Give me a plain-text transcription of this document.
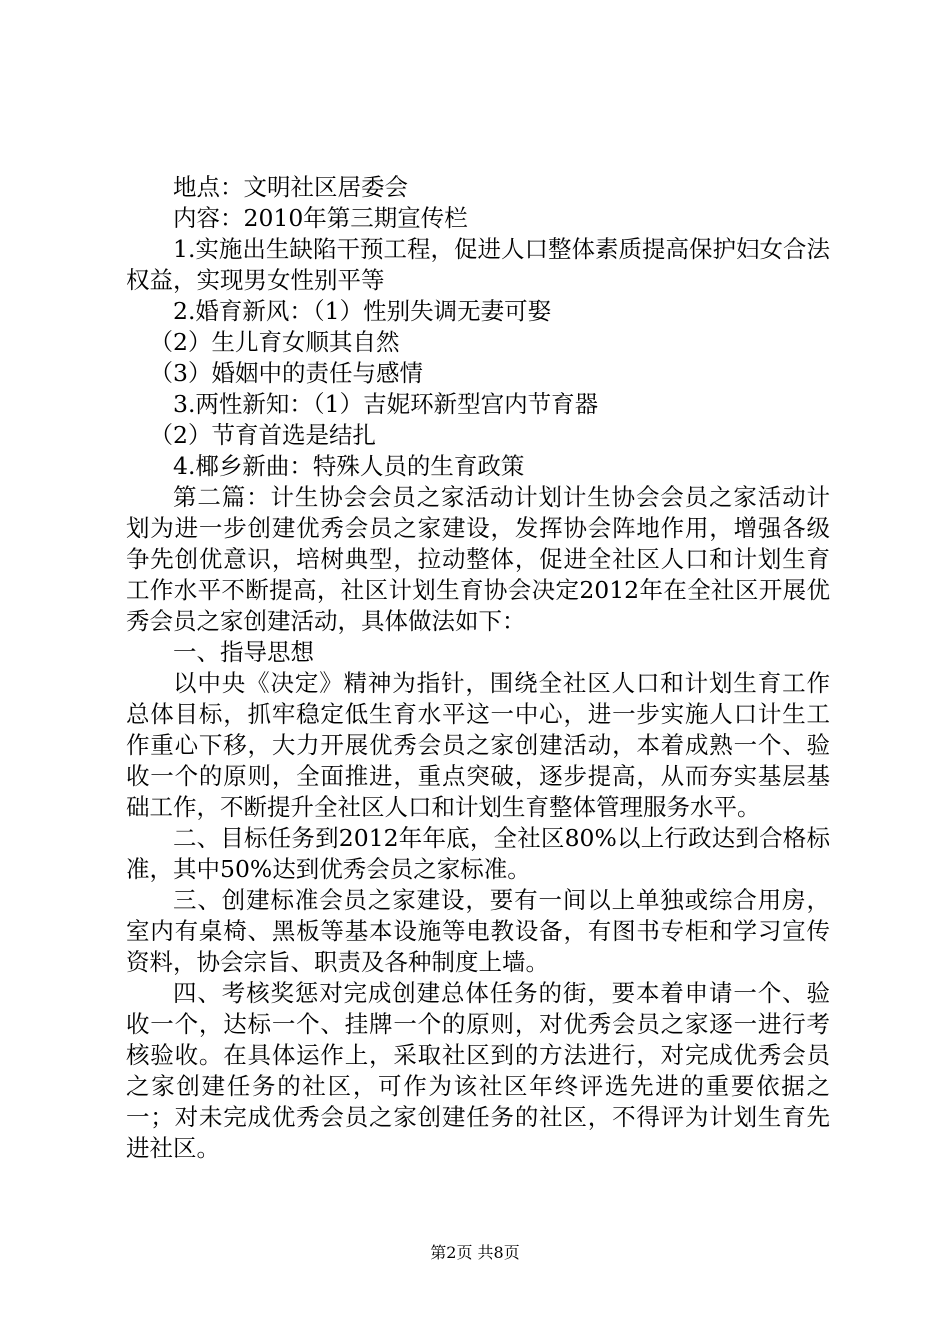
地点：文明社区居委会

内容：2010年第三期宣传栏

1.实施出生缺陷干预工程，促进人口整体素质提高保护妇女合法权益，实现男女性别平等

2.婚育新风：（1）性别失调无妻可娶

（2）生儿育女顺其自然

（3）婚姻中的责任与感情

3.两性新知：（1）吉妮环新型宫内节育器

（2）节育首选是结扎

4.椰乡新曲：特殊人员的生育政策

第二篇：计生协会会员之家活动计划计生协会会员之家活动计划为进一步创建优秀会员之家建设，发挥协会阵地作用，增强各级争先创优意识，培树典型，拉动整体，促进全社区人口和计划生育工作水平不断提高，社区计划生育协会决定2012年在全社区开展优秀会员之家创建活动，具体做法如下：

一、指导思想

以中央《决定》精神为指针，围绕全社区人口和计划生育工作总体目标，抓牢稳定低生育水平这一中心，进一步实施人口计生工作重心下移，大力开展优秀会员之家创建活动，本着成熟一个、验收一个的原则，全面推进，重点突破，逐步提高，从而夯实基层基础工作，不断提升全社区人口和计划生育整体管理服务水平。

二、目标任务到2012年年底，全社区80%以上行政达到合格标准，其中50%达到优秀会员之家标准。

三、创建标准会员之家建设，要有一间以上单独或综合用房，室内有桌椅、黑板等基本设施等电教设备，有图书专柜和学习宣传资料，协会宗旨、职责及各种制度上墙。

四、考核奖惩对完成创建总体任务的街，要本着申请一个、验收一个，达标一个、挂牌一个的原则，对优秀会员之家逐一进行考核验收。在具体运作上，采取社区到的方法进行，对完成优秀会员之家创建任务的社区，可作为该社区年终评选先进的重要依据之一；对未完成优秀会员之家创建任务的社区，不得评为计划生育先进社区。

第2页 共8页
